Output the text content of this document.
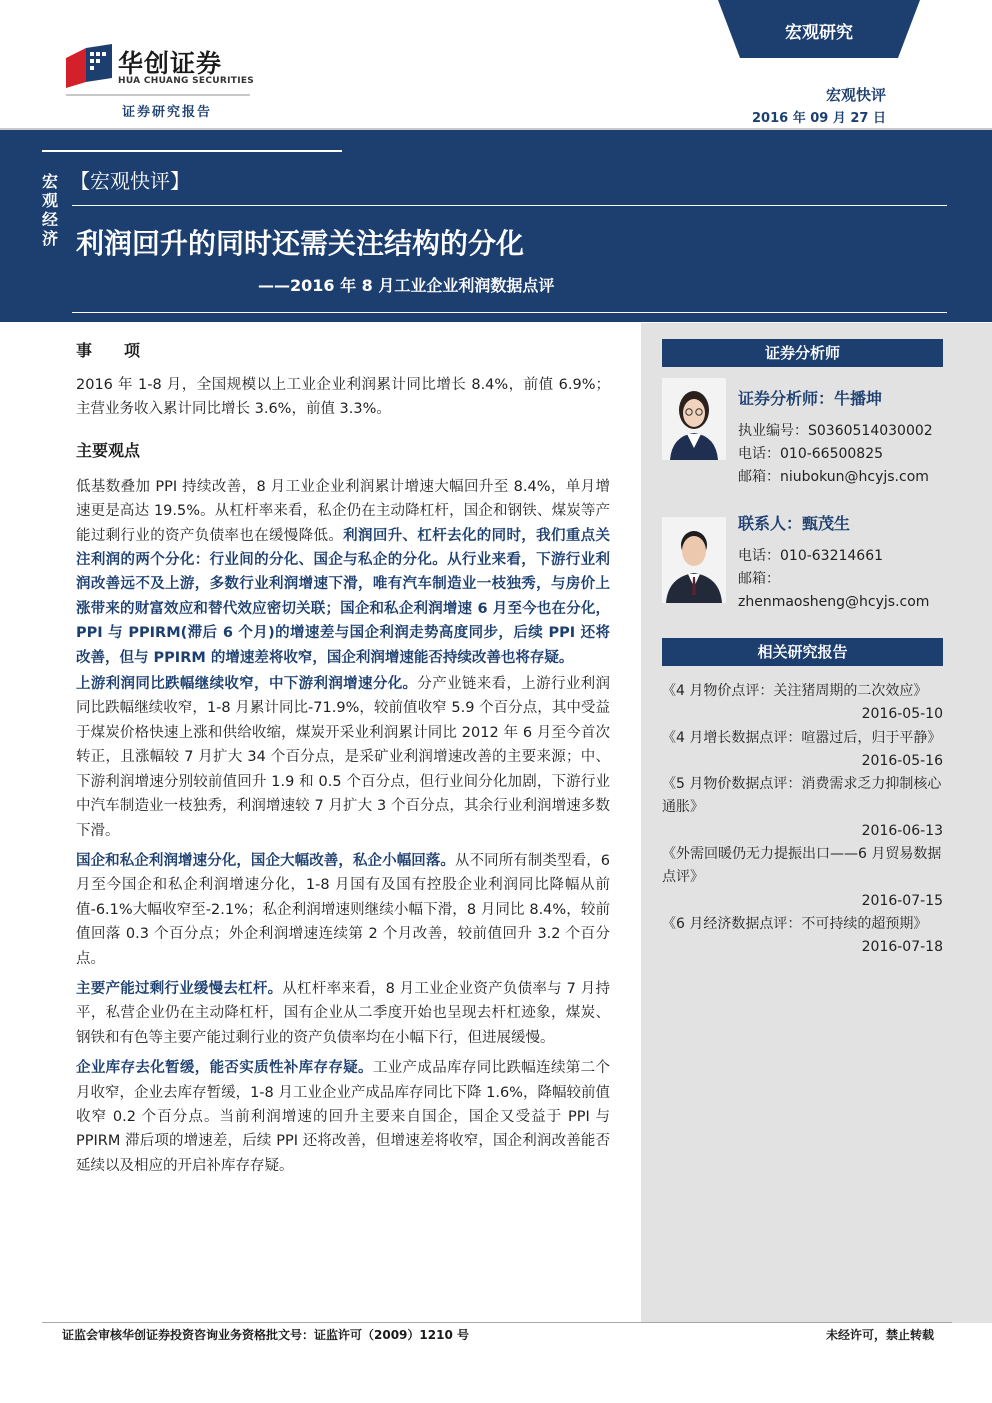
华创证券
HUA CHUANG SECURITIES
证券研究报告
宏观研究
宏观快评
2016 年 09 月 27 日
宏
观
经
济
【宏观快评】
利润回升的同时还需关注结构的分化
——2016 年 8 月工业企业利润数据点评

事　　项

2016 年 1-8 月，全国规模以上工业企业利润累计同比增长 8.4%，前值 6.9%；主营业务收入累计同比增长 3.6%，前值 3.3%。

主要观点

低基数叠加 PPI 持续改善，8 月工业企业利润累计增速大幅回升至 8.4%，单月增速更是高达 19.5%。从杠杆率来看，私企仍在主动降杠杆，国企和钢铁、煤炭等产能过剩行业的资产负债率也在缓慢降低。利润回升、杠杆去化的同时，我们重点关注利润的两个分化：行业间的分化、国企与私企的分化。从行业来看，下游行业利润改善远不及上游，多数行业利润增速下滑，唯有汽车制造业一枝独秀，与房价上涨带来的财富效应和替代效应密切关联；国企和私企利润增速 6 月至今也在分化，PPI 与 PPIRM(滞后 6 个月)的增速差与国企利润走势高度同步，后续 PPI 还将改善，但与 PPIRM 的增速差将收窄，国企利润增速能否持续改善也将存疑。

上游利润同比跌幅继续收窄，中下游利润增速分化。分产业链来看，上游行业利润同比跌幅继续收窄，1-8 月累计同比-71.9%，较前值收窄 5.9 个百分点，其中受益于煤炭价格快速上涨和供给收缩，煤炭开采业利润累计同比 2012 年 6 月至今首次转正，且涨幅较 7 月扩大 34 个百分点，是采矿业利润增速改善的主要来源；中、下游利润增速分别较前值回升 1.9 和 0.5 个百分点，但行业间分化加剧，下游行业中汽车制造业一枝独秀，利润增速较 7 月扩大 3 个百分点，其余行业利润增速多数下滑。

国企和私企利润增速分化，国企大幅改善，私企小幅回落。从不同所有制类型看，6 月至今国企和私企利润增速分化，1-8 月国有及国有控股企业利润同比降幅从前值-6.1%大幅收窄至-2.1%；私企利润增速则继续小幅下滑，8 月同比 8.4%，较前值回落 0.3 个百分点；外企利润增速连续第 2 个月改善，较前值回升 3.2 个百分点。

主要产能过剩行业缓慢去杠杆。从杠杆率来看，8 月工业企业资产负债率与 7 月持平，私营企业仍在主动降杠杆，国有企业从二季度开始也呈现去杆杠迹象，煤炭、钢铁和有色等主要产能过剩行业的资产负债率均在小幅下行，但进展缓慢。

企业库存去化暂缓，能否实质性补库存存疑。工业产成品库存同比跌幅连续第二个月收窄，企业去库存暂缓，1-8 月工业企业产成品库存同比下降 1.6%，降幅较前值收窄 0.2 个百分点。当前利润增速的回升主要来自国企，国企又受益于 PPI 与 PPIRM 滞后项的增速差，后续 PPI 还将改善，但增速差将收窄，国企利润改善能否延续以及相应的开启补库存存疑。

证券分析师
证券分析师：牛播坤
执业编号：S0360514030002
电话：010-66500825
邮箱：niubokun@hcyjs.com
联系人：甄茂生
电话：010-63214661
邮箱：
zhenmaosheng@hcyjs.com
相关研究报告
《4 月物价点评：关注猪周期的二次效应》
2016-05-10
《4 月增长数据点评：喧嚣过后，归于平静》
2016-05-16
《5 月物价数据点评：消费需求乏力抑制核心通胀》
2016-06-13
《外需回暖仍无力提振出口——6 月贸易数据点评》
2016-07-15
《6 月经济数据点评：不可持续的超预期》
2016-07-18
证监会审核华创证券投资咨询业务资格批文号：证监许可（2009）1210 号	未经许可，禁止转载
